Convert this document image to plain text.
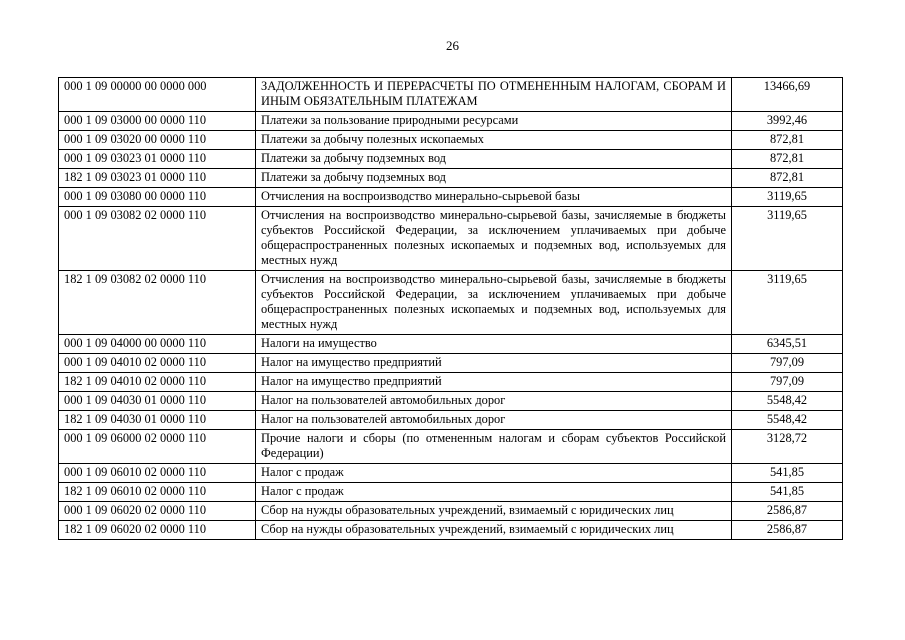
26
000 1 09 00000 00 0000 000	ЗАДОЛЖЕННОСТЬ И ПЕРЕРАСЧЕТЫ ПО ОТМЕНЕННЫМ НАЛОГАМ, СБОРАМ И ИНЫМ ОБЯЗАТЕЛЬНЫМ ПЛАТЕЖАМ	13466,69
000 1 09 03000 00 0000 110	Платежи за пользование природными ресурсами	3992,46
000 1 09 03020 00 0000 110	Платежи за добычу полезных ископаемых	872,81
000 1 09 03023 01 0000 110	Платежи за добычу подземных вод	872,81
182 1 09 03023 01 0000 110	Платежи за добычу подземных вод	872,81
000 1 09 03080 00 0000 110	Отчисления на воспроизводство минерально-сырьевой базы	3119,65
000 1 09 03082 02 0000 110	Отчисления на воспроизводство минерально-сырьевой базы, зачисляемые в бюджеты субъектов Российской Федерации, за исключением уплачиваемых при добыче общераспространенных полезных ископаемых и подземных вод, используемых для местных нужд	3119,65
182 1 09 03082 02 0000 110	Отчисления на воспроизводство минерально-сырьевой базы, зачисляемые в бюджеты субъектов Российской Федерации, за исключением уплачиваемых при добыче общераспространенных полезных ископаемых и подземных вод, используемых для местных нужд	3119,65
000 1 09 04000 00 0000 110	Налоги на имущество	6345,51
000 1 09 04010 02 0000 110	Налог на имущество предприятий	797,09
182 1 09 04010 02 0000 110	Налог на имущество предприятий	797,09
000 1 09 04030 01 0000 110	Налог на пользователей автомобильных дорог	5548,42
182 1 09 04030 01 0000 110	Налог на пользователей автомобильных дорог	5548,42
000 1 09 06000 02 0000 110	Прочие налоги и сборы (по отмененным налогам и сборам субъектов Российской Федерации)	3128,72
000 1 09 06010 02 0000 110	Налог с продаж	541,85
182 1 09 06010 02 0000 110	Налог с продаж	541,85
000 1 09 06020 02 0000 110	Сбор на нужды образовательных учреждений, взимаемый с юридических лиц	2586,87
182 1 09 06020 02 0000 110	Сбор на нужды образовательных учреждений, взимаемый с юридических лиц	2586,87
